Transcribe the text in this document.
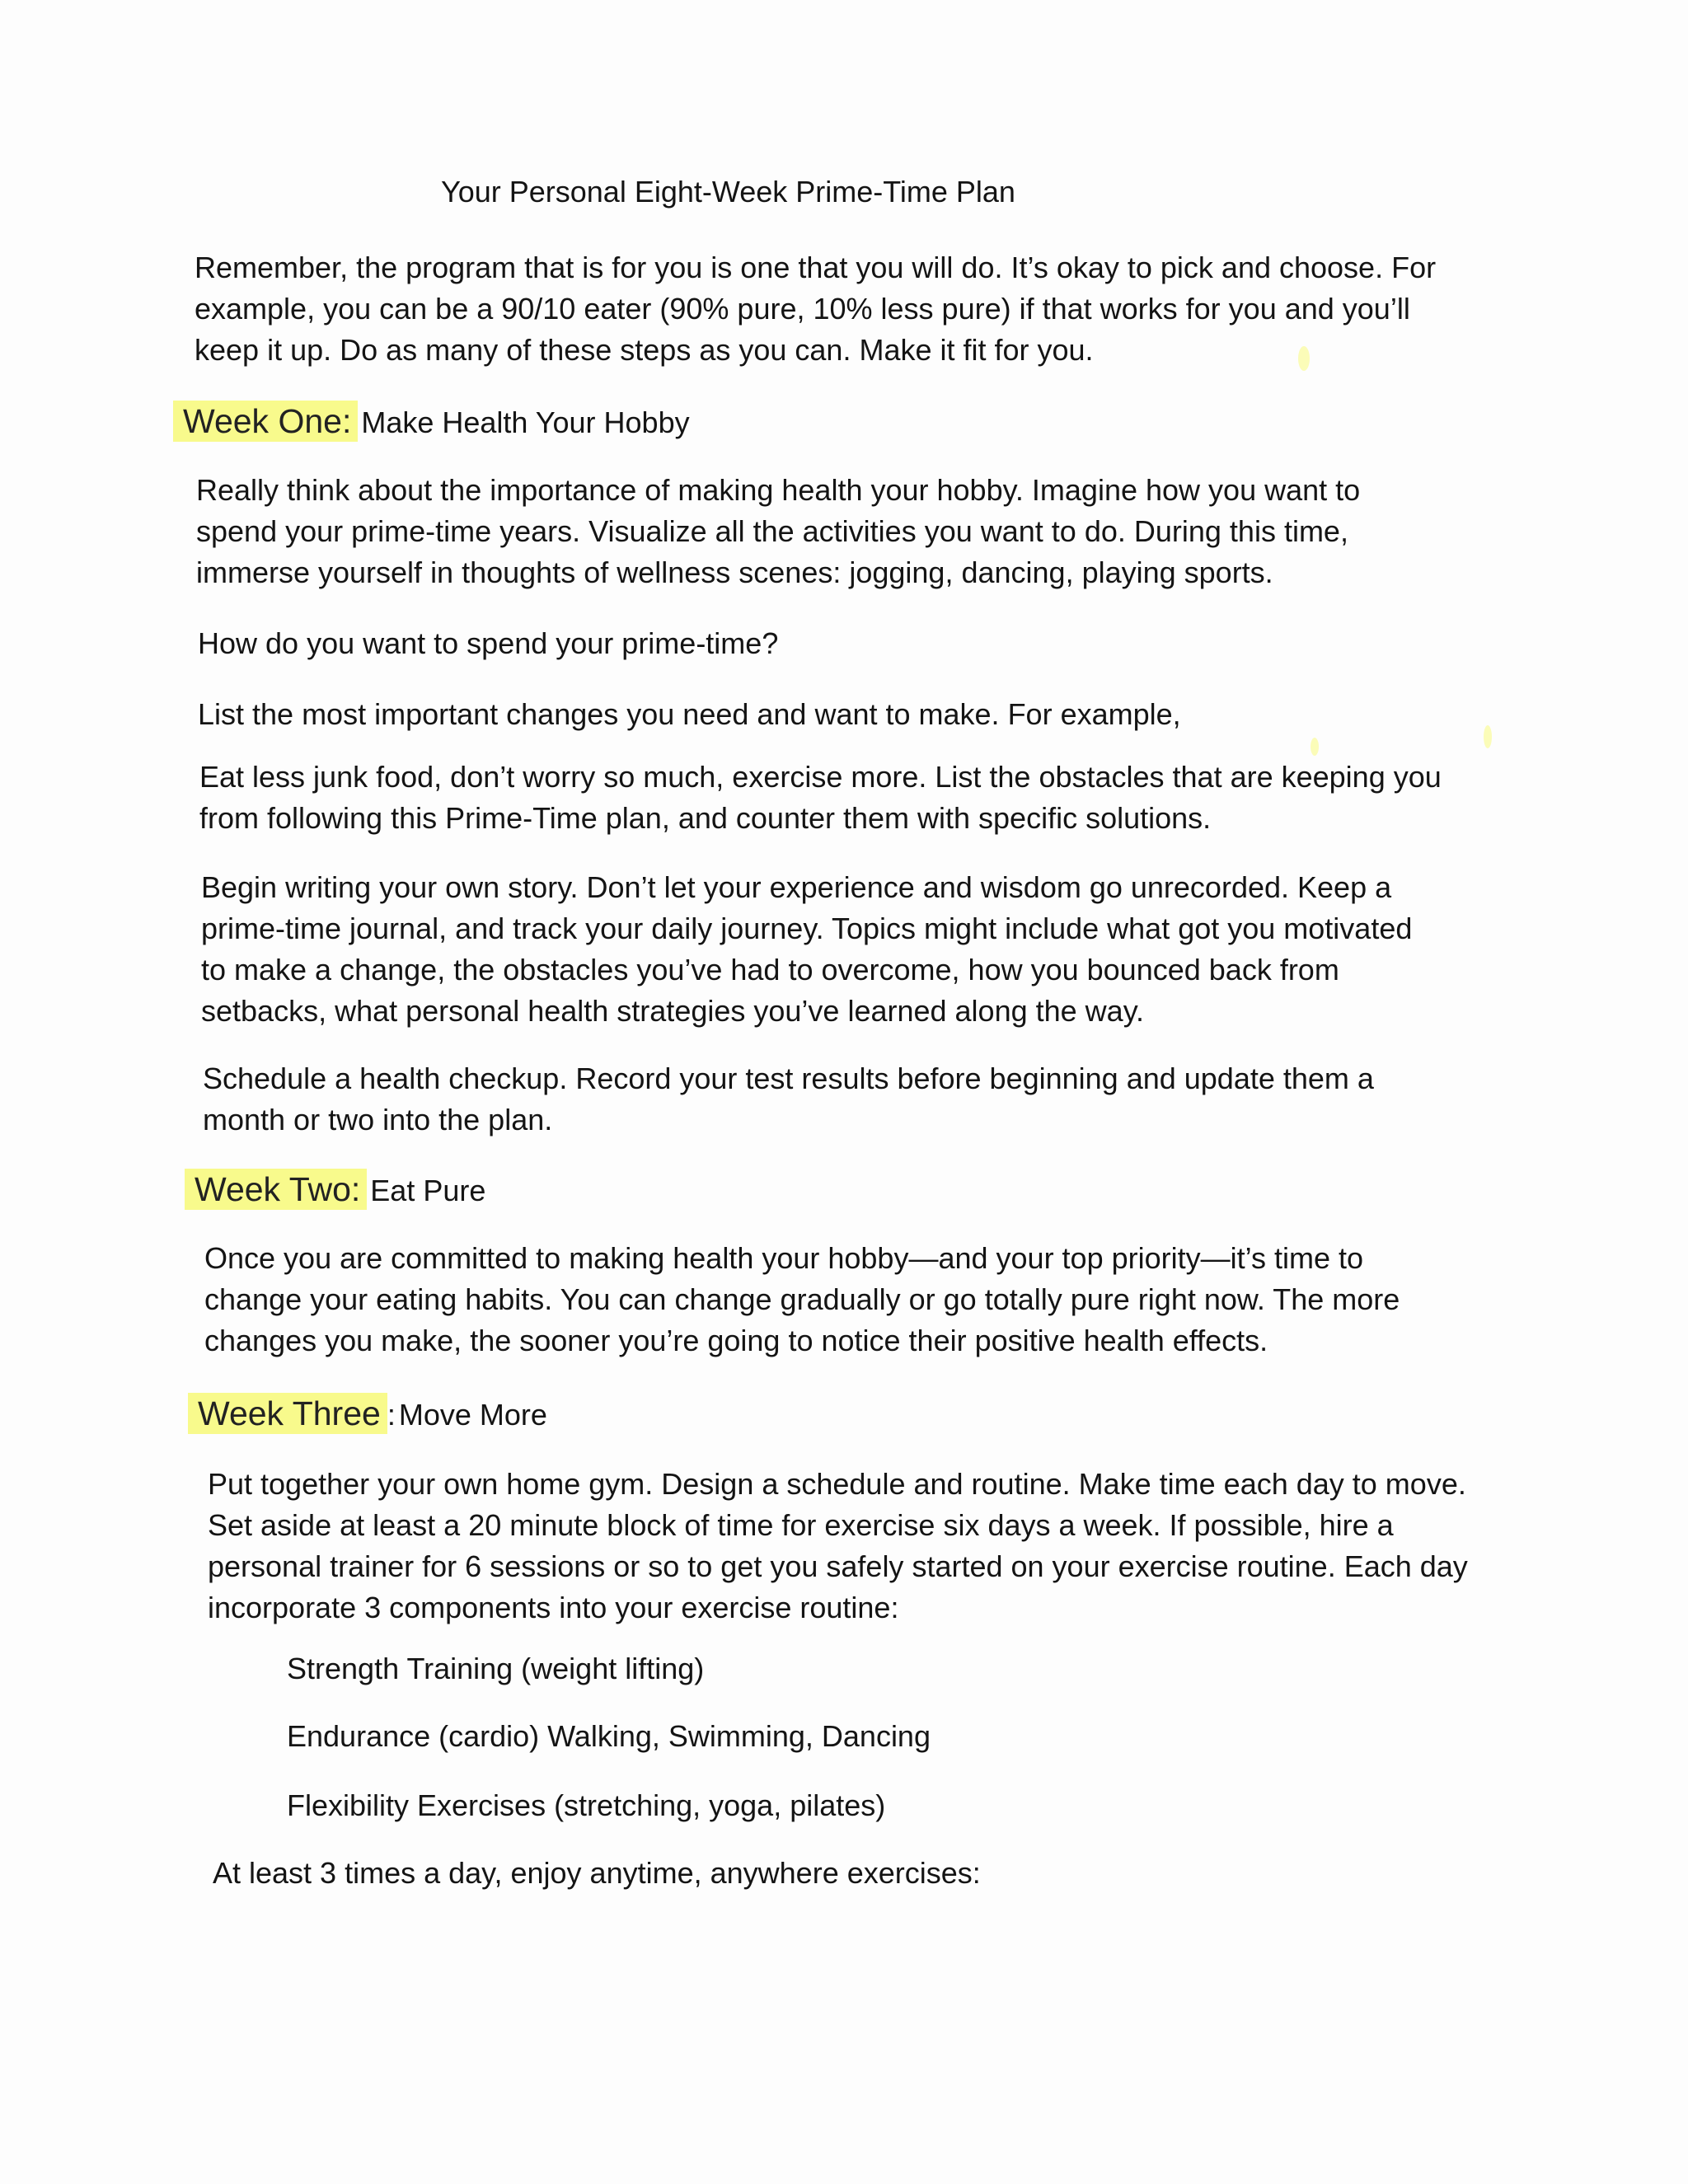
Your Personal Eight-Week Prime-Time Plan

Remember, the program that is for you is one that you will do. It’s okay to pick and choose. For
example, you can be a 90/10 eater (90% pure, 10% less pure) if that works for you and you’ll
keep it up. Do as many of these steps as you can. Make it fit for you.

Week One: Make Health Your Hobby

Really think about the importance of making health your hobby. Imagine how you want to
spend your prime-time years. Visualize all the activities you want to do. During this time,
immerse yourself in thoughts of wellness scenes: jogging, dancing, playing sports.

How do you want to spend your prime-time?

List the most important changes you need and want to make. For example,

Eat less junk food, don’t worry so much, exercise more. List the obstacles that are keeping you
from following this Prime-Time plan, and counter them with specific solutions.

Begin writing your own story. Don’t let your experience and wisdom go unrecorded. Keep a
prime-time journal, and track your daily journey. Topics might include what got you motivated
to make a change, the obstacles you’ve had to overcome, how you bounced back from
setbacks, what personal health strategies you’ve learned along the way.

Schedule a health checkup. Record your test results before beginning and update them a
month or two into the plan.

Week Two: Eat Pure

Once you are committed to making health your hobby—and your top priority—it’s time to
change your eating habits. You can change gradually or go totally pure right now. The more
changes you make, the sooner you’re going to notice their positive health effects.

Week Three : Move More

Put together your own home gym. Design a schedule and routine. Make time each day to move.
Set aside at least a 20 minute block of time for exercise six days a week. If possible, hire a
personal trainer for 6 sessions or so to get you safely started on your exercise routine. Each day
incorporate 3 components into your exercise routine:

Strength Training (weight lifting)
Endurance (cardio) Walking, Swimming, Dancing
Flexibility Exercises (stretching, yoga, pilates)

At least 3 times a day, enjoy anytime, anywhere exercises:
